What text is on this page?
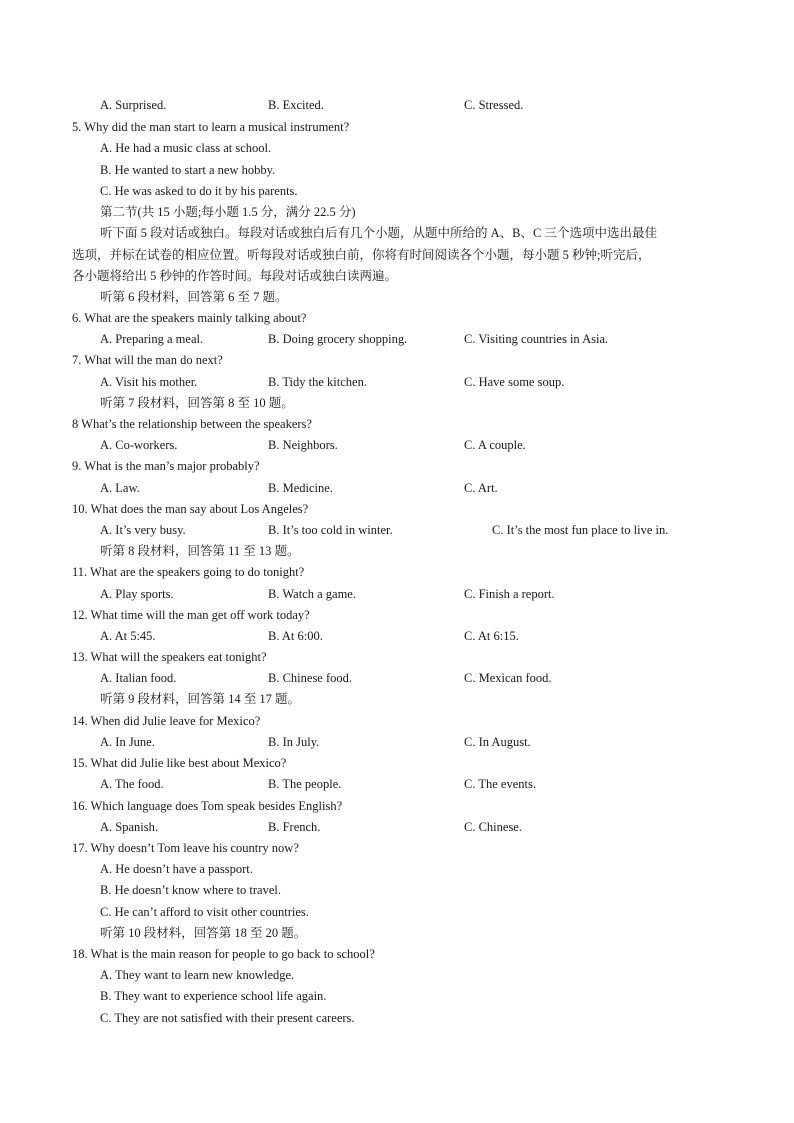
A. Surprised.	B. Excited.	C. Stressed.
5. Why did the man start to learn a musical instrument?
A. He had a music class at school.
B. He wanted to start a new hobby.
C. He was asked to do it by his parents.
第二节(共 15 小题;每小题 1.5 分，满分 22.5 分)
听下面 5 段对话或独白。每段对话或独白后有几个小题，从题中所给的 A、B、C 三个选项中选出最佳
选项，并标在试卷的相应位置。听每段对话或独白前，你将有时间阅读各个小题，每小题 5 秒钟;听完后，
各小题将给出 5 秒钟的作答时间。每段对话或独白读两遍。
听第 6 段材料，回答第 6 至 7 题。
6. What are the speakers mainly talking about?
A. Preparing a meal.	B. Doing grocery shopping.	C. Visiting countries in Asia.
7. What will the man do next?
A. Visit his mother.	B. Tidy the kitchen.	C. Have some soup.
听第 7 段材料，回答第 8 至 10 题。
8 What’s the relationship between the speakers?
A. Co-workers.	B. Neighbors.	C. A couple.
9. What is the man’s major probably?
A. Law.	B. Medicine.	C. Art.
10. What does the man say about Los Angeles?
A. It’s very busy.	B. It’s too cold in winter.	C. It’s the most fun place to live in.
听第 8 段材料，回答第 11 至 13 题。
11. What are the speakers going to do tonight?
A. Play sports.	B. Watch a game.	C. Finish a report.
12. What time will the man get off work today?
A. At 5:45.	B. At 6:00.	C. At 6:15.
13. What will the speakers eat tonight?
A. Italian food.	B. Chinese food.	C. Mexican food.
听第 9 段材料，回答第 14 至 17 题。
14. When did Julie leave for Mexico?
A. In June.	B. In July.	C. In August.
15. What did Julie like best about Mexico?
A. The food.	B. The people.	C. The events.
16. Which language does Tom speak besides English?
A. Spanish.	B. French.	C. Chinese.
17. Why doesn’t Tom leave his country now?
A. He doesn’t have a passport.
B. He doesn’t know where to travel.
C. He can’t afford to visit other countries.
听第 10 段材料，回答第 18 至 20 题。
18. What is the main reason for people to go back to school?
A. They want to learn new knowledge.
B. They want to experience school life again.
C. They are not satisfied with their present careers.
